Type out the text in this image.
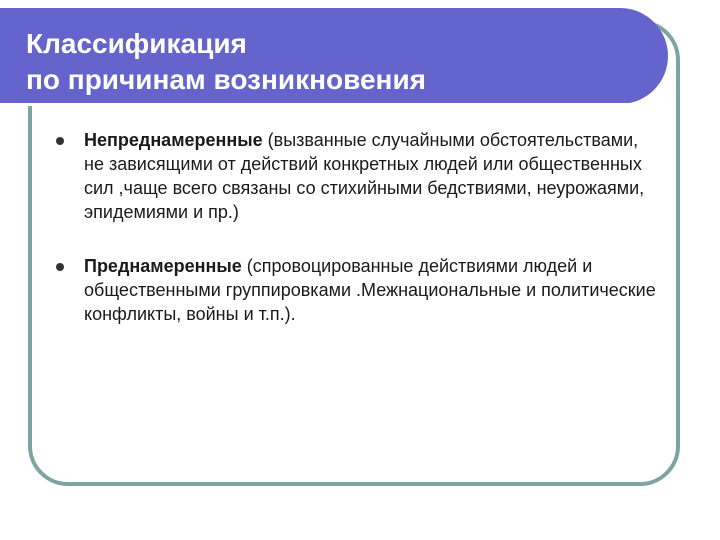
Классификация
по причинам возникновения
Непреднамеренные (вызванные случайными обстоятельствами, не зависящими от действий конкретных людей или общественных сил ,чаще всего связаны со стихийными бедствиями, неурожаями, эпидемиями и пр.)
Преднамеренные (спровоцированные действиями людей и общественными группировками .Межнациональные и политические конфликты, войны и т.п.).
